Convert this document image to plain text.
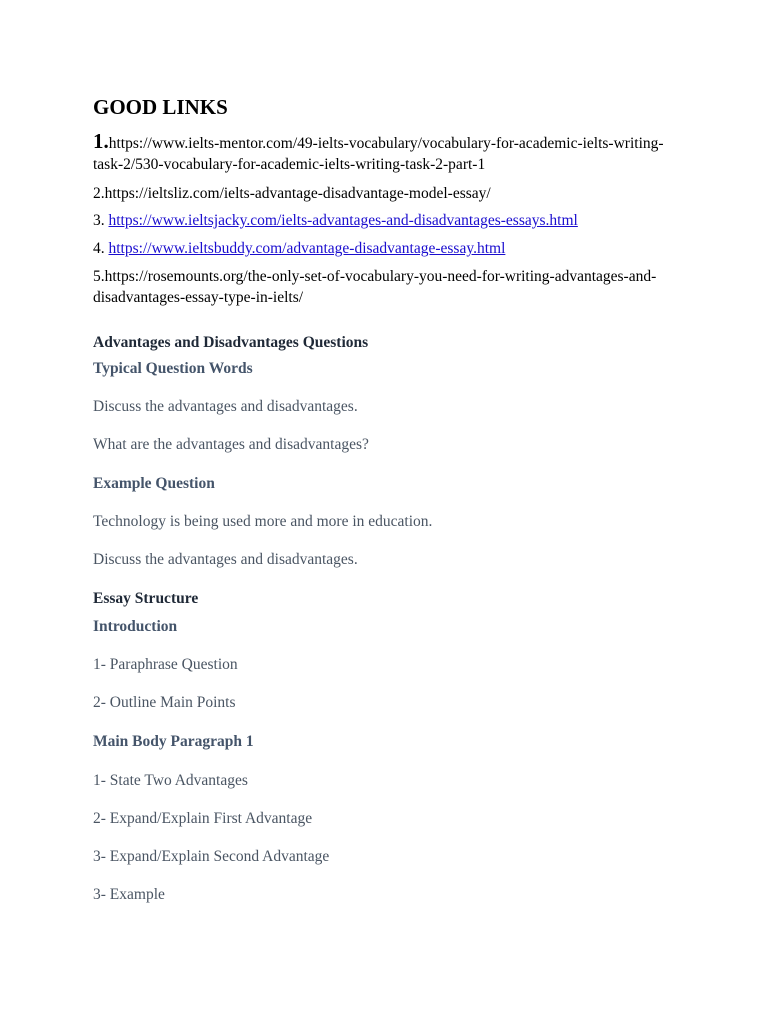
GOOD LINKS
1.https://www.ielts-mentor.com/49-ielts-vocabulary/vocabulary-for-academic-ielts-writing-task-2/530-vocabulary-for-academic-ielts-writing-task-2-part-1
2.https://ieltsliz.com/ielts-advantage-disadvantage-model-essay/
3. https://www.ieltsjacky.com/ielts-advantages-and-disadvantages-essays.html
4. https://www.ieltsbuddy.com/advantage-disadvantage-essay.html
5.https://rosemounts.org/the-only-set-of-vocabulary-you-need-for-writing-advantages-and-disadvantages-essay-type-in-ielts/
Advantages and Disadvantages Questions
Typical Question Words
Discuss the advantages and disadvantages.
What are the advantages and disadvantages?
Example Question
Technology is being used more and more in education.
Discuss the advantages and disadvantages.
Essay Structure
Introduction
1- Paraphrase Question
2- Outline Main Points
Main Body Paragraph 1
1- State Two Advantages
2- Expand/Explain First Advantage
3- Expand/Explain Second Advantage
3- Example
